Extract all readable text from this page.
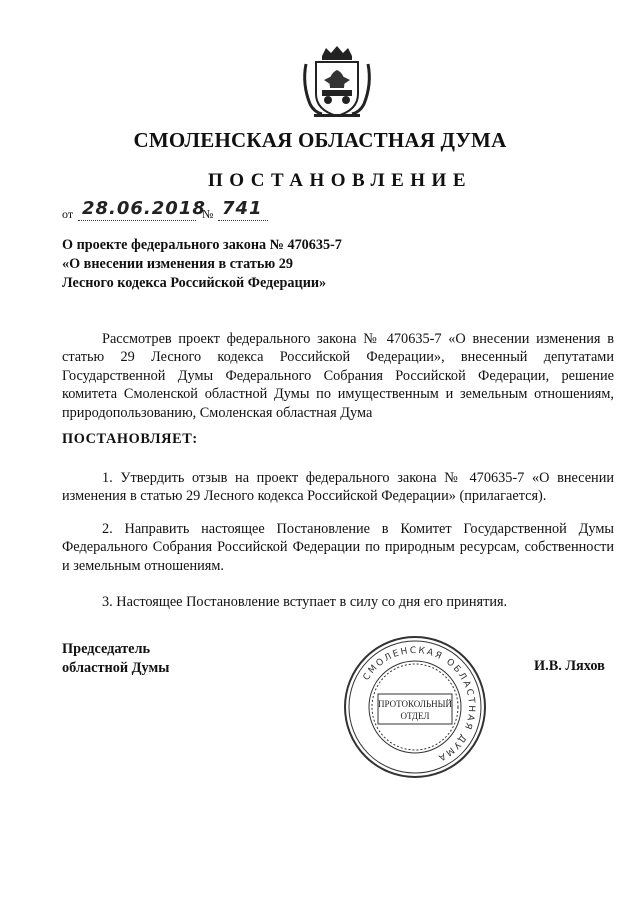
СМОЛЕНСКАЯ ОБЛАСТНАЯ ДУМА
ПОСТАНОВЛЕНИЕ
от 28.06.2018
№ 741
О проекте федерального закона № 470635-7
«О внесении изменения в статью 29
Лесного кодекса Российской Федерации»
Рассмотрев проект федерального закона № 470635-7 «О внесении изменения в статью 29 Лесного кодекса Российской Федерации», внесенный депутатами Государственной Думы Федерального Собрания Российской Федерации, решение комитета Смоленской областной Думы по имущественным и земельным отношениям, природопользованию, Смоленская областная Дума
ПОСТАНОВЛЯЕТ:
1. Утвердить отзыв на проект федерального закона № 470635-7 «О внесении изменения в статью 29 Лесного кодекса Российской Федерации» (прилагается).
2. Направить настоящее Постановление в Комитет Государственной Думы Федерального Собрания Российской Федерации по природным ресурсам, собственности и земельным отношениям.
3. Настоящее Постановление вступает в силу со дня его принятия.
Председатель
областной Думы	И.В. Ляхов
СМОЛЕНСКАЯ ОБЛАСТНАЯ ДУМА
ПРОТОКОЛЬНЫЙ
ОТДЕЛ
